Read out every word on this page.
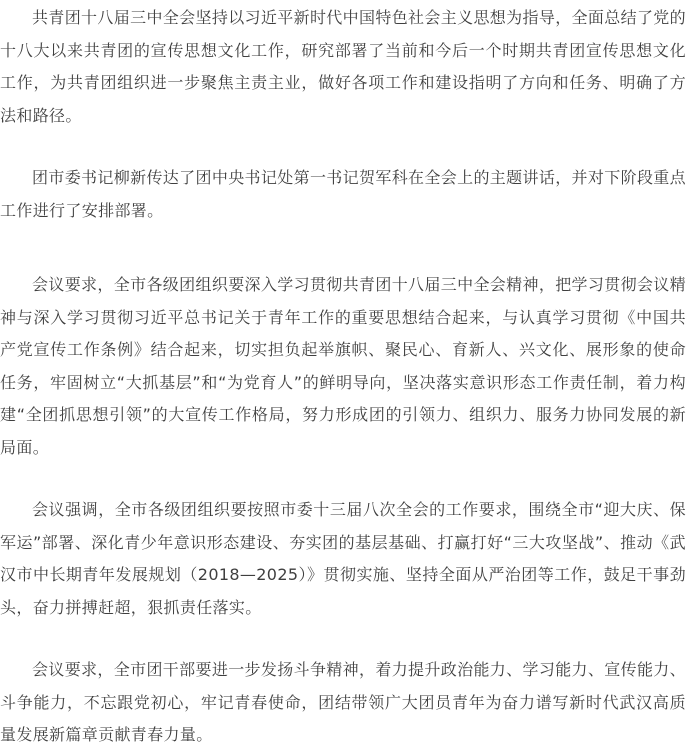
共青团十八届三中全会坚持以习近平新时代中国特色社会主义思想为指导，全面总结了党的十八大以来共青团的宣传思想文化工作，研究部署了当前和今后一个时期共青团宣传思想文化工作，为共青团组织进一步聚焦主责主业，做好各项工作和建设指明了方向和任务、明确了方法和路径。

团市委书记柳新传达了团中央书记处第一书记贺军科在全会上的主题讲话，并对下阶段重点工作进行了安排部署。

会议要求，全市各级团组织要深入学习贯彻共青团十八届三中全会精神，把学习贯彻会议精神与深入学习贯彻习近平总书记关于青年工作的重要思想结合起来，与认真学习贯彻《中国共产党宣传工作条例》结合起来，切实担负起举旗帜、聚民心、育新人、兴文化、展形象的使命任务，牢固树立“大抓基层”和“为党育人”的鲜明导向，坚决落实意识形态工作责任制，着力构建“全团抓思想引领”的大宣传工作格局，努力形成团的引领力、组织力、服务力协同发展的新局面。

会议强调，全市各级团组织要按照市委十三届八次全会的工作要求，围绕全市“迎大庆、保军运”部署、深化青少年意识形态建设、夯实团的基层基础、打赢打好“三大攻坚战”、推动《武汉市中长期青年发展规划（2018—2025）》贯彻实施、坚持全面从严治团等工作，鼓足干事劲头，奋力拼搏赶超，狠抓责任落实。

会议要求，全市团干部要进一步发扬斗争精神，着力提升政治能力、学习能力、宣传能力、斗争能力，不忘跟党初心，牢记青春使命，团结带领广大团员青年为奋力谱写新时代武汉高质量发展新篇章贡献青春力量。
